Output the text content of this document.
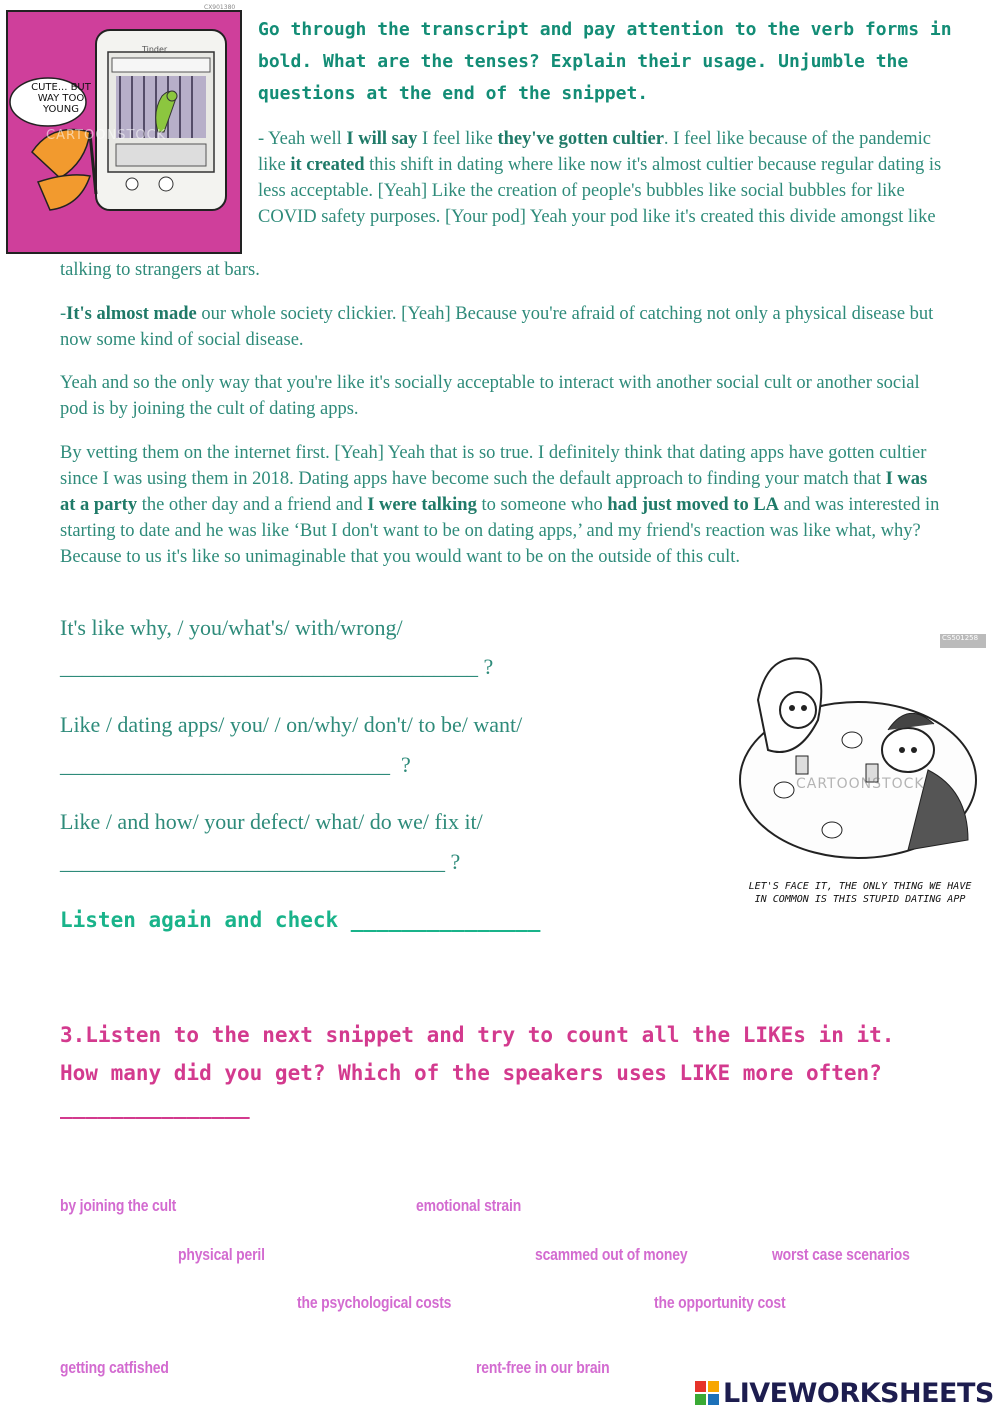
CUTE... BUT WAY TOO YOUNG
CARTOONSTOCK
Tinder
CX901380
Go through the transcript and pay attention to the verb forms in bold. What are the tenses? Explain their usage. Unjumble the questions at the end of the snippet.
- Yeah well I will say I feel like they've gotten cultier. I feel like because of the pandemic like it created this shift in dating where like now it's almost cultier because regular dating is less acceptable. [Yeah] Like the creation of people's bubbles like social bubbles for like COVID safety purposes. [Your pod] Yeah your pod like it's created this divide amongst like
talking to strangers at bars.
-It's almost made our whole society clickier. [Yeah] Because you're afraid of catching not only a physical disease but now some kind of social disease.
Yeah and so the only way that you're like it's socially acceptable to interact with another social cult or another social pod is by joining the cult of dating apps.
By vetting them on the internet first. [Yeah] Yeah that is so true. I definitely think that dating apps have gotten cultier since I was using them in 2018. Dating apps have become such the default approach to finding your match that I was at a party the other day and a friend and I were talking to someone who had just moved to LA and was interested in starting to date and he was like ‘But I don't want to be on dating apps,’ and my friend's reaction was like what, why? Because to us it's like so unimaginable that you would want to be on the outside of this cult.
It's like why, / you/what's/ with/wrong/
______________________________________ ?
Like / dating apps/ you/ / on/why/ don't/ to be/ want/
______________________________  ?
Like / and how/ your defect/ what/ do we/ fix it/
___________________________________ ?
Listen again and check _______________
CS501258
CARTOONSTOCK
LET'S FACE IT, THE ONLY THING WE HAVE IN COMMON IS THIS STUPID DATING APP
3.Listen to the next snippet and try to count all the LIKEs in it. How many did you get? Which of the speakers uses LIKE more often?
_______________
by joining the cult	emotional strain
physical peril	scammed out of money	worst case scenarios
the psychological costs	the opportunity cost
getting catfished	rent-free in our brain
LIVEWORKSHEETS
